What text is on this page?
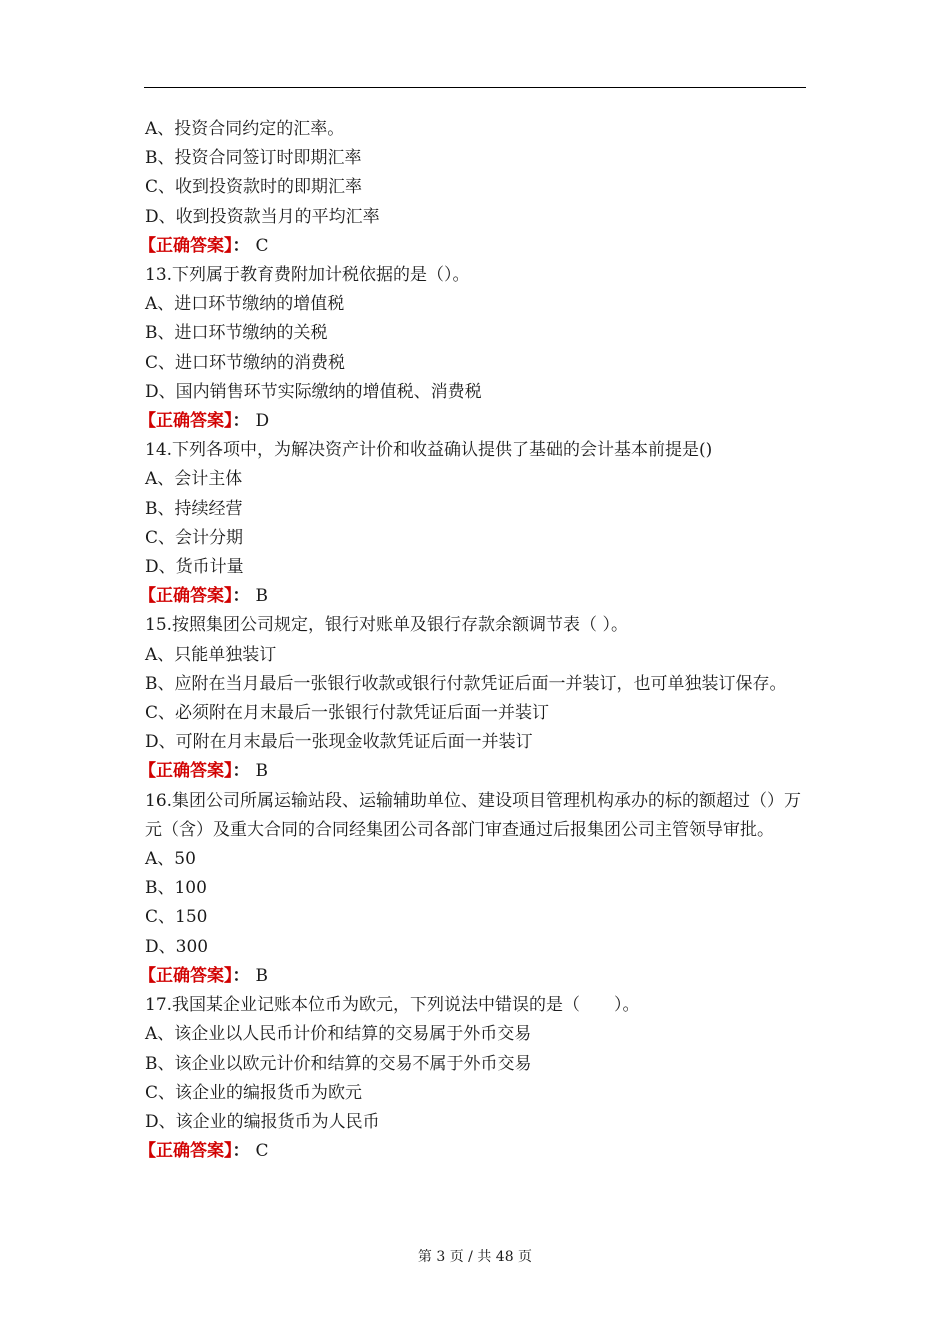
A、投资合同约定的汇率。

B、投资合同签订时即期汇率

C、收到投资款时的即期汇率

D、收到投资款当月的平均汇率

【正确答案】： C

13.下列属于教育费附加计税依据的是（）。

A、进口环节缴纳的增值税

B、进口环节缴纳的关税

C、进口环节缴纳的消费税

D、国内销售环节实际缴纳的增值税、消费税

【正确答案】： D

14.下列各项中，为解决资产计价和收益确认提供了基础的会计基本前提是()

A、会计主体

B、持续经营

C、会计分期

D、货币计量

【正确答案】： B

15.按照集团公司规定，银行对账单及银行存款余额调节表（ ）。

A、只能单独装订

B、应附在当月最后一张银行收款或银行付款凭证后面一并装订，也可单独装订保存。

C、必须附在月末最后一张银行付款凭证后面一并装订

D、可附在月末最后一张现金收款凭证后面一并装订

【正确答案】： B

16.集团公司所属运输站段、运输辅助单位、建设项目管理机构承办的标的额超过（）万元（含）及重大合同的合同经集团公司各部门审查通过后报集团公司主管领导审批。

A、50

B、100

C、150

D、300

【正确答案】： B

17.我国某企业记账本位币为欧元，下列说法中错误的是（　　）。

A、该企业以人民币计价和结算的交易属于外币交易

B、该企业以欧元计价和结算的交易不属于外币交易

C、该企业的编报货币为欧元

D、该企业的编报货币为人民币

【正确答案】： C

第 3 页 / 共 48 页
